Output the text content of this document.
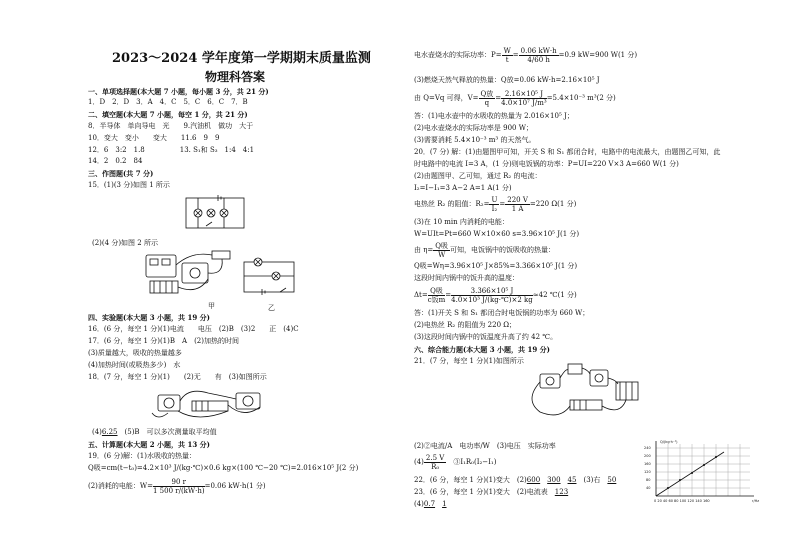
2023～2024 学年度第一学期期末质量监测
物理科答案
一、单项选择题(本大题 7 小题，每小题 3 分，共 21 分)
1．D　2．D　3．A　4．C　5．C　6．C　7．B
二、填空题(本大题 7 小题，每空 1 分，共 21 分)
8．半导体　单向导电　光　　9.汽油机　做功　大于
10．变大　变小　　变大　　11.6　9　9
12．6　3:2　1.8　　　　　13. S₁和 S₃　1:4　4:1
14．2　0.2　84
三、作图题(共 7 分)
15．(1)(3 分)如图 1 所示
(2)(4 分)如图 2 所示
甲	乙
四、实验题(本大题 3 小题，共 19 分)
16．(6 分，每空 1 分)(1)电流　　电压　(2)B　(3)2　　正　(4)C
17．(6 分，每空 1 分)(1)B　A　(2)加热的时间
(3)质量越大，吸收的热量越多
(4)加热时间(或吸热多少)　水
18．(7 分，每空 1 分)(1)　　(2)无　　有　(3)如图所示
(4)6.25　(5)B　可以多次测量取平均值
五、计算题(本大题 2 小题，共 13 分)
19．(6 分)解：(1)水吸收的热量：
Q吸=cm(t−t₀)=4.2×10³ J/(kg·℃)×0.6 kg×(100 ℃−20 ℃)=2.016×10⁵ J(2 分)
(2)消耗的电能：$W= \frac{90 r}{1 500 r/(kW\cdot h)} =0.06$ kW·h(1 分)
电水壶烧水的实际功率：$P= \frac{W}{t} = \frac{0.06 kW\cdot h}{4/60 h} =0.9$ kW=900 W(1 分)
(3)燃烧天然气释放的热量：Q放=0.06 kW·h=2.16×10⁵ J
由 Q=Vq 可得，$V= \frac{\text{Q放}}{q} = \frac{\text{2.16×10⁵ J}}{\text{4.0×10⁷ J/m³}} =5.4\times 10^{-3}$ m³(2 分)
答：(1)电水壶中的水吸收的热量为 2.016×10⁵ J；
(2)电水壶烧水的实际功率是 900 W；
(3)需要消耗 5.4×10⁻³ m³ 的天然气。
20．(7 分) 解：(1)由题图甲可知，开关 S 和 S₁ 都闭合时，电路中的电流最大，由题图乙可知，此
时电路中的电流 I=3 A，(1 分)则电饭锅的功率：P=UI=220 V×3 A=660 W(1 分)
(2)由题图甲、乙可知，通过 R₂ 的电流：
I₂=I−I₁=3 A−2 A=1 A(1 分)
电热丝 R₂ 的阻值：$R_2= \frac{U}{\text{I₂}} = \frac{220 V}{1 A} =220$ Ω(1 分)
(3)在 10 min 内消耗的电能：
W=UIt=Pt=660 W×10×60 s=3.96×10⁵ J(1 分)
由 $\eta= \frac{\text{Q吸}}{W}$ 可知，电饭锅中的饭吸收的热量：
Q吸=Wη=3.96×10⁵ J×85%=3.366×10⁵ J(1 分)
这段时间内锅中的饭升高的温度：
$\Delta t= \frac{\text{Q吸}}{\text{c饭m}} = \frac{\text{3.366×10⁵ J}}{\text{4.0×10³ J/(kg·℃)×2 kg}} \approx 42$ ℃(1 分)
答：(1)开关 S 和 S₁ 都闭合时电饭锅的功率为 660 W；
(2)电热丝 R₂ 的阻值为 220 Ω；
(3)这段时间内锅中的饭温度升高了约 42 ℃。
六、综合能力题(本大题 3 小题，共 19 分)
21．(7 分，每空 1 分)(1)如图所示
(2)②电流/A　电功率/W　(3)电压　实际功率
$(4) \frac{2.5 V}{\text{R₀}}$ 　③I₁R₀(I₂−I₁)
22．(6 分，每空 1 分)(1)变大　(2)600　 300　 45　(3)右　50
23．(6 分，每空 1 分)(1)变大　(2)电流表　123
(4)0.7　 1
Q/(kg·h⁻¹)
240
200
160
120
80
40
0 20 40 60 80 100 120 140 160	r/Hz
